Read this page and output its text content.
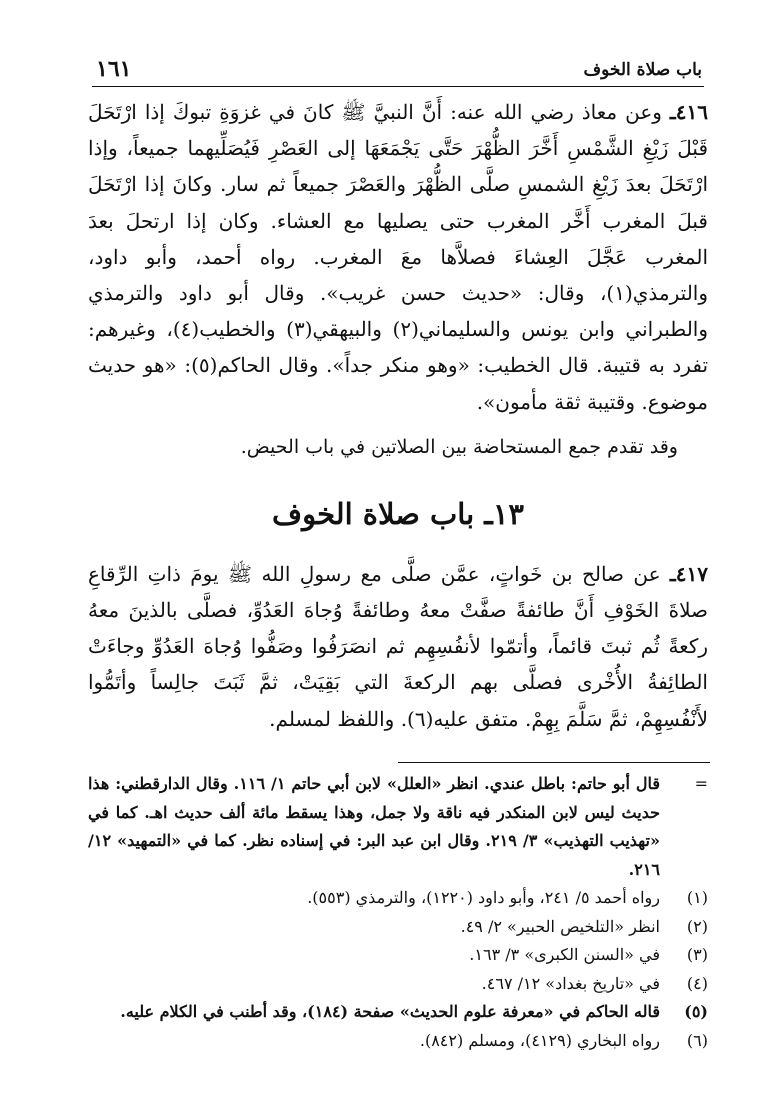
باب صلاة الخوف
١٦١

٤١٦ـ وعن معاذ رضي الله عنه: أَنَّ النبيَّ ﷺ كانَ في غزوَةِ تبوكَ إذا ارْتَحَلَ قَبْلَ زَيْغِ الشَّمْسِ أَخَّرَ الظُّهْرَ حَتَّى يَجْمَعَهَا إلى العَصْرِ فَيُصَلِّيهما جميعاً، وإذا ارْتَحَلَ بعدَ زَيْغِ الشمسِ صلَّى الظُّهْرَ والعَصْرَ جميعاً ثم سار. وكانَ إذا ارْتَحَلَ قبلَ المغرب أَخَّر المغرب حتى يصليها مع العشاء. وكان إذا ارتحلَ بعدَ المغرب عَجَّلَ العِشاءَ فصلاَّها معَ المغرب. رواه أحمد، وأبو داود، والترمذي(١)، وقال: «حديث حسن غريب». وقال أبو داود والترمذي والطبراني وابن يونس والسليماني(٢) والبيهقي(٣) والخطيب(٤)، وغيرهم: تفرد به قتيبة. قال الخطيب: «وهو منكر جداً». وقال الحاكم(٥): «هو حديث موضوع. وقتيبة ثقة مأمون».

وقد تقدم جمع المستحاضة بين الصلاتين في باب الحيض.

١٣ـ باب صلاة الخوف

٤١٧ـ عن صالح بن خَواتٍ، عمَّن صلَّى مع رسولِ الله ﷺ يومَ ذاتِ الرِّقاعِ صلاةَ الخَوْفِ أَنَّ طائفةً صفَّتْ معهُ وطائفةً وُجاهَ العَدُوِّ، فصلَّى بالذينَ معهُ ركعةً ثُم ثبتَ قائماً، وأتمّوا لأنفُسِهِم ثم انصَرَفُوا وصَفُّوا وُجاهَ العَدُوِّ وجاءَتْ الطائِفةُ الأُخْرى فصلَّى بهم الركعةَ التي بَقِيَتْ، ثمَّ ثَبَتَ جالِساً وأتَمُّوا لأَنْفُسِهِمْ، ثمَّ سَلَّمَ بِهِمْ. متفق عليه(٦). واللفظ لمسلم.

=
قال أبو حاتم: باطل عندي. انظر «العلل» لابن أبي حاتم ١/ ١١٦. وقال الدارقطني: هذا حديث ليس لابن المنكدر فيه ناقة ولا جمل، وهذا يسقط مائة ألف حديث اهـ. كما في «تهذيب التهذيب» ٣/ ٢١٩. وقال ابن عبد البر: في إسناده نظر. كما في «التمهيد» ١٢/ ٢١٦.
(١)
رواه أحمد ٥/ ٢٤١، وأبو داود (١٢٢٠)، والترمذي (٥٥٣).
(٢)
انظر «التلخيص الحبير» ٢/ ٤٩.
(٣)
في «السنن الكبرى» ٣/ ١٦٣.
(٤)
في «تاريخ بغداد» ١٢/ ٤٦٧.
(٥)
قاله الحاكم في «معرفة علوم الحديث» صفحة (١٨٤)، وقد أطنب في الكلام عليه.
(٦)
رواه البخاري (٤١٢٩)، ومسلم (٨٤٢).
